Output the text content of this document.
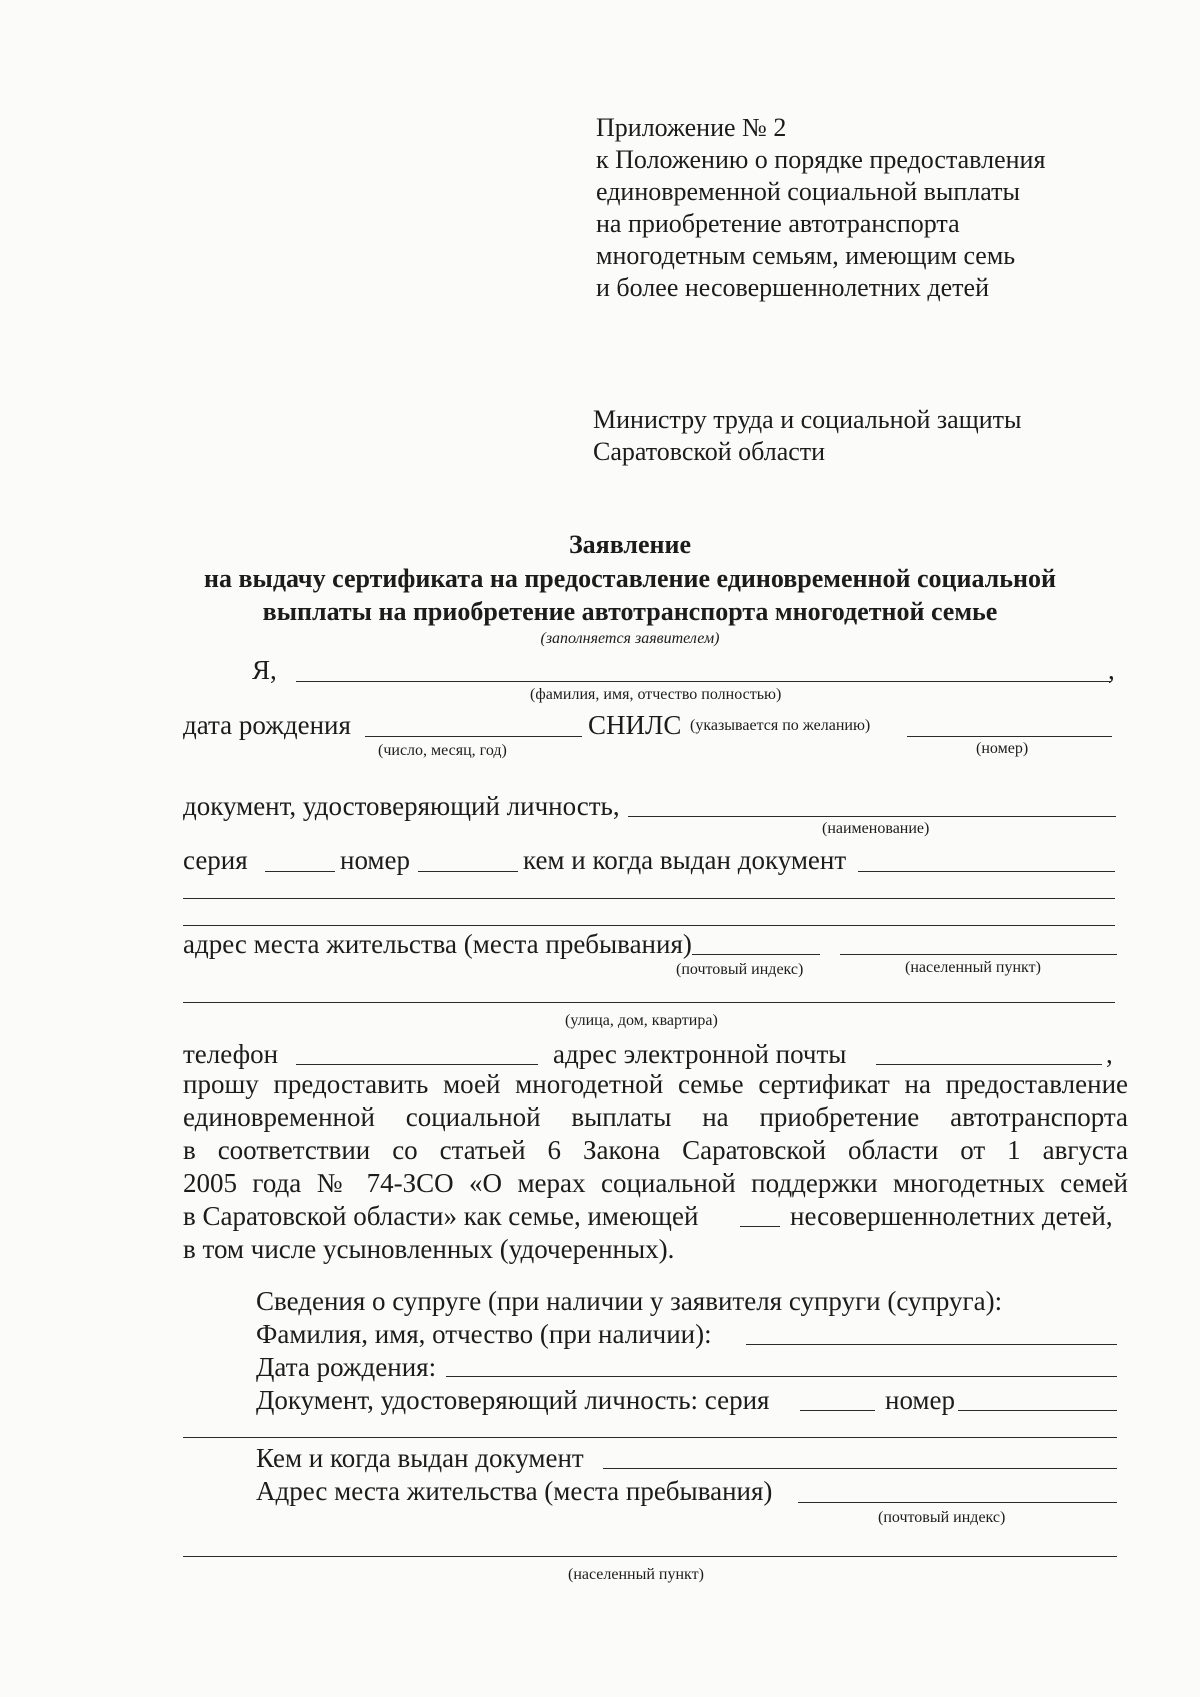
Приложение № 2
к Положению о порядке предоставления
единовременной социальной выплаты
на приобретение автотранспорта
многодетным семьям, имеющим семь
и более несовершеннолетних детей
Министру труда и социальной защиты
Саратовской области
Заявление
на выдачу сертификата на предоставление единовременной социальной
выплаты на приобретение автотранспорта многодетной семье
(заполняется заявителем)
Я,	,
(фамилия, имя, отчество полностью)
дата рождения	СНИЛС (указывается по желанию)
(число, месяц, год)	(номер)
документ, удостоверяющий личность,
(наименование)
серия	номер	кем и когда выдан документ
адрес места жительства (места пребывания)
(почтовый индекс)	(населенный пункт)
(улица, дом, квартира)
телефон	адрес электронной почты	,
прошу предоставить моей многодетной семье сертификат на предоставление
единовременной социальной выплаты на приобретение автотранспорта
в соответствии со статьей 6 Закона Саратовской области от 1 августа
2005 года № 74-ЗСО «О мерах социальной поддержки многодетных семей
в Саратовской области» как семье, имеющей	несовершеннолетних детей,
в том числе усыновленных (удочеренных).
Сведения о супруге (при наличии у заявителя супруги (супруга):
Фамилия, имя, отчество (при наличии):
Дата рождения:
Документ, удостоверяющий личность: серия	номер
Кем и когда выдан документ
Адрес места жительства (места пребывания)
(почтовый индекс)
(населенный пункт)
